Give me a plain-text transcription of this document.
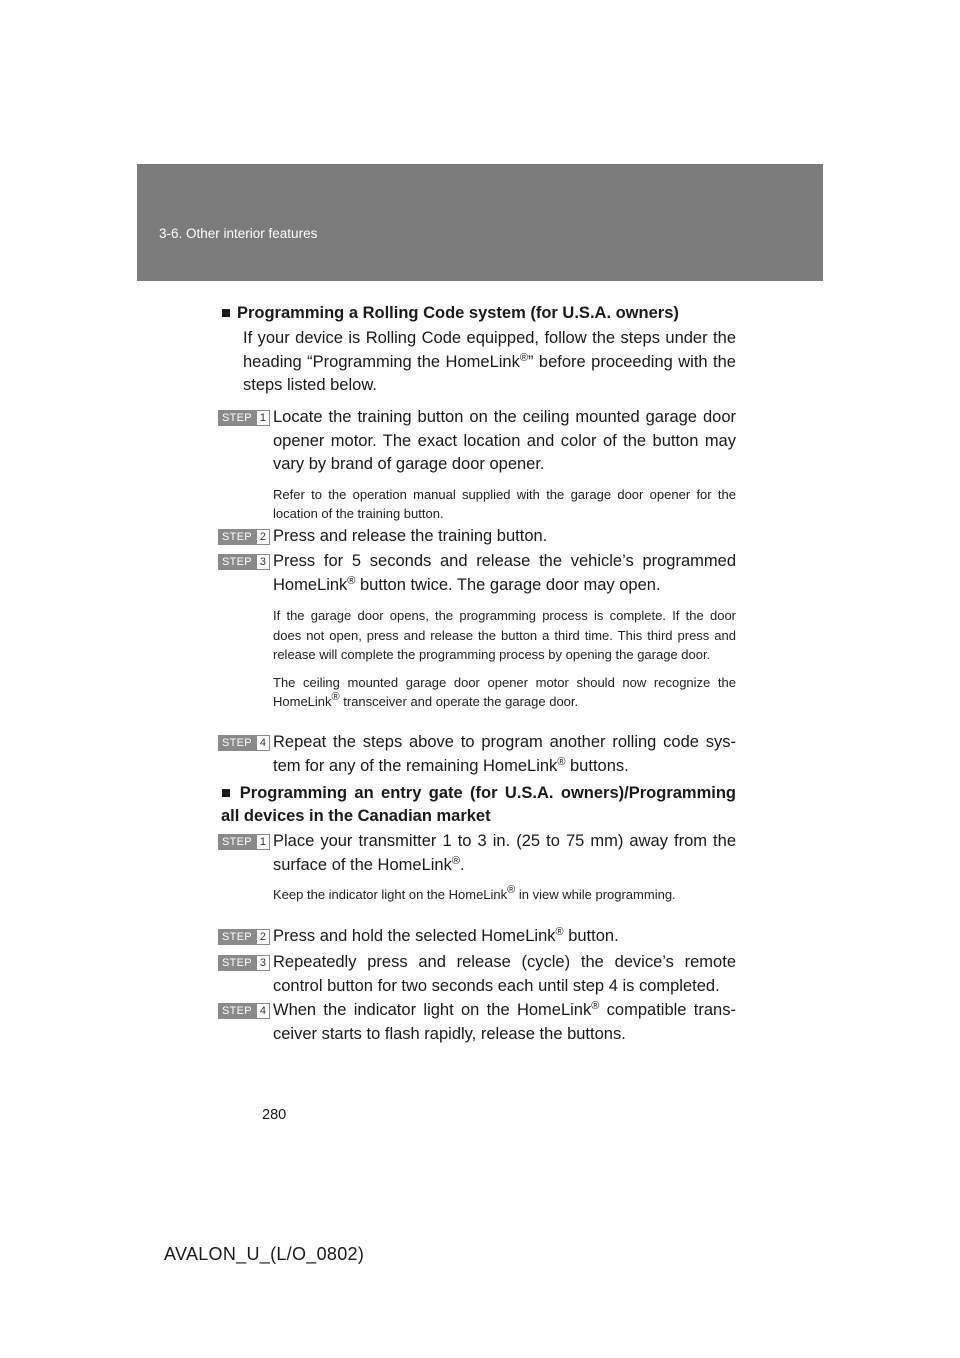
3-6. Other interior features
■ Programming a Rolling Code system (for U.S.A. owners)
If your device is Rolling Code equipped, follow the steps under the heading “Programming the HomeLink®” before proceeding with the steps listed below.
STEP 1 Locate the training button on the ceiling mounted garage door opener motor. The exact location and color of the button may vary by brand of garage door opener.
Refer to the operation manual supplied with the garage door opener for the location of the training button.
STEP 2 Press and release the training button.
STEP 3 Press for 5 seconds and release the vehicle’s programmed HomeLink® button twice. The garage door may open.
If the garage door opens, the programming process is complete. If the door does not open, press and release the button a third time. This third press and release will complete the programming process by opening the garage door.
The ceiling mounted garage door opener motor should now recognize the HomeLink® transceiver and operate the garage door.
STEP 4 Repeat the steps above to program another rolling code system for any of the remaining HomeLink® buttons.
■ Programming an entry gate (for U.S.A. owners)/Programming all devices in the Canadian market
STEP 1 Place your transmitter 1 to 3 in. (25 to 75 mm) away from the surface of the HomeLink®.
Keep the indicator light on the HomeLink® in view while programming.
STEP 2 Press and hold the selected HomeLink® button.
STEP 3 Repeatedly press and release (cycle) the device’s remote control button for two seconds each until step 4 is completed.
STEP 4 When the indicator light on the HomeLink® compatible transceiver starts to flash rapidly, release the buttons.
280
AVALON_U_(L/O_0802)
